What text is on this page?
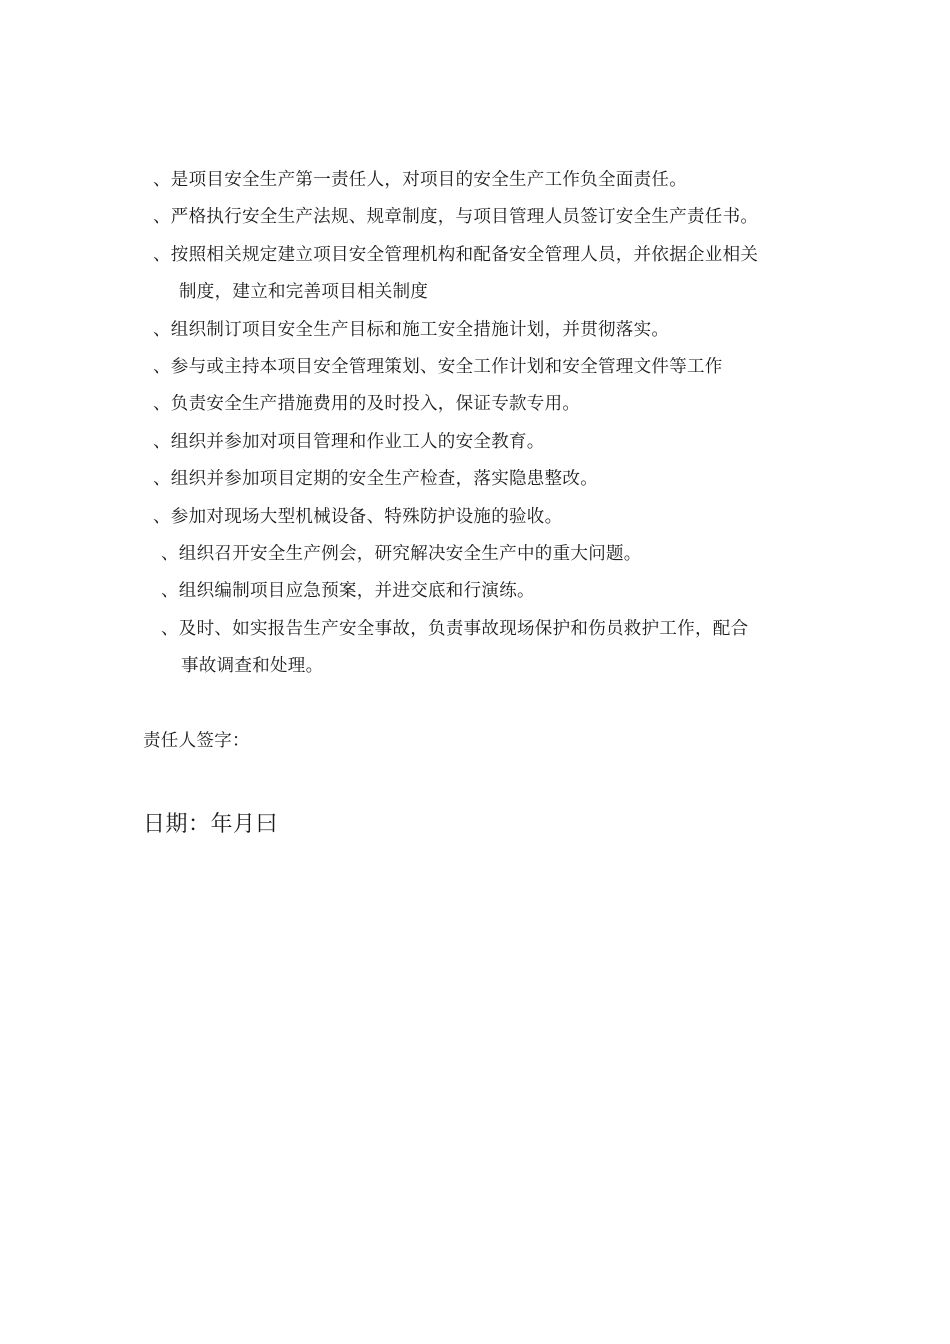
、是项目安全生产第一责任人，对项目的安全生产工作负全面责任。
、严格执行安全生产法规、规章制度，与项目管理人员签订安全生产责任书。
、按照相关规定建立项目安全管理机构和配备安全管理人员，并依据企业相关
制度，建立和完善项目相关制度
、组织制订项目安全生产目标和施工安全措施计划，并贯彻落实。
、参与或主持本项目安全管理策划、安全工作计划和安全管理文件等工作
、负责安全生产措施费用的及时投入，保证专款专用。
、组织并参加对项目管理和作业工人的安全教育。
、组织并参加项目定期的安全生产检查，落实隐患整改。
、参加对现场大型机械设备、特殊防护设施的验收。
、组织召开安全生产例会，研究解决安全生产中的重大问题。
、组织编制项目应急预案，并进交底和行演练。
、及时、如实报告生产安全事故，负责事故现场保护和伤员救护工作，配合
事故调查和处理。
责任人签字：
日期：年月曰
